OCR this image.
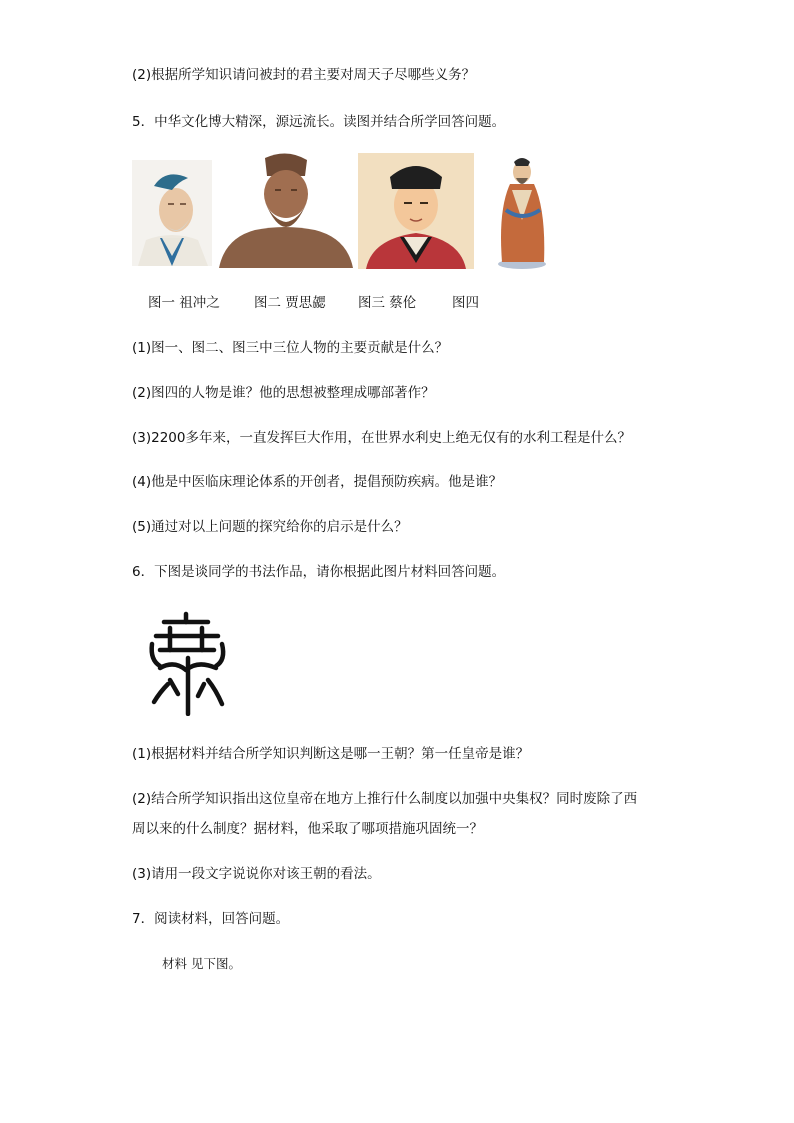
(2)根据所学知识请问被封的君主要对周天子尽哪些义务？
5．中华文化博大精深，源远流长。读图并结合所学回答问题。
图一 祖冲之	图二 贾思勰 图三 蔡伦	图四
(1)图一、图二、图三中三位人物的主要贡献是什么？
(2)图四的人物是谁？他的思想被整理成哪部著作？
(3)2200多年来，一直发挥巨大作用，在世界水利史上绝无仅有的水利工程是什么？
(4)他是中医临床理论体系的开创者，提倡预防疾病。他是谁？
(5)通过对以上问题的探究给你的启示是什么？
6．下图是谈同学的书法作品，请你根据此图片材料回答问题。
(1)根据材料并结合所学知识判断这是哪一王朝？第一任皇帝是谁？
(2)结合所学知识指出这位皇帝在地方上推行什么制度以加强中央集权？同时废除了西
周以来的什么制度？据材料，他采取了哪项措施巩固统一？
(3)请用一段文字说说你对该王朝的看法。
7．阅读材料，回答问题。
材料 见下图。
